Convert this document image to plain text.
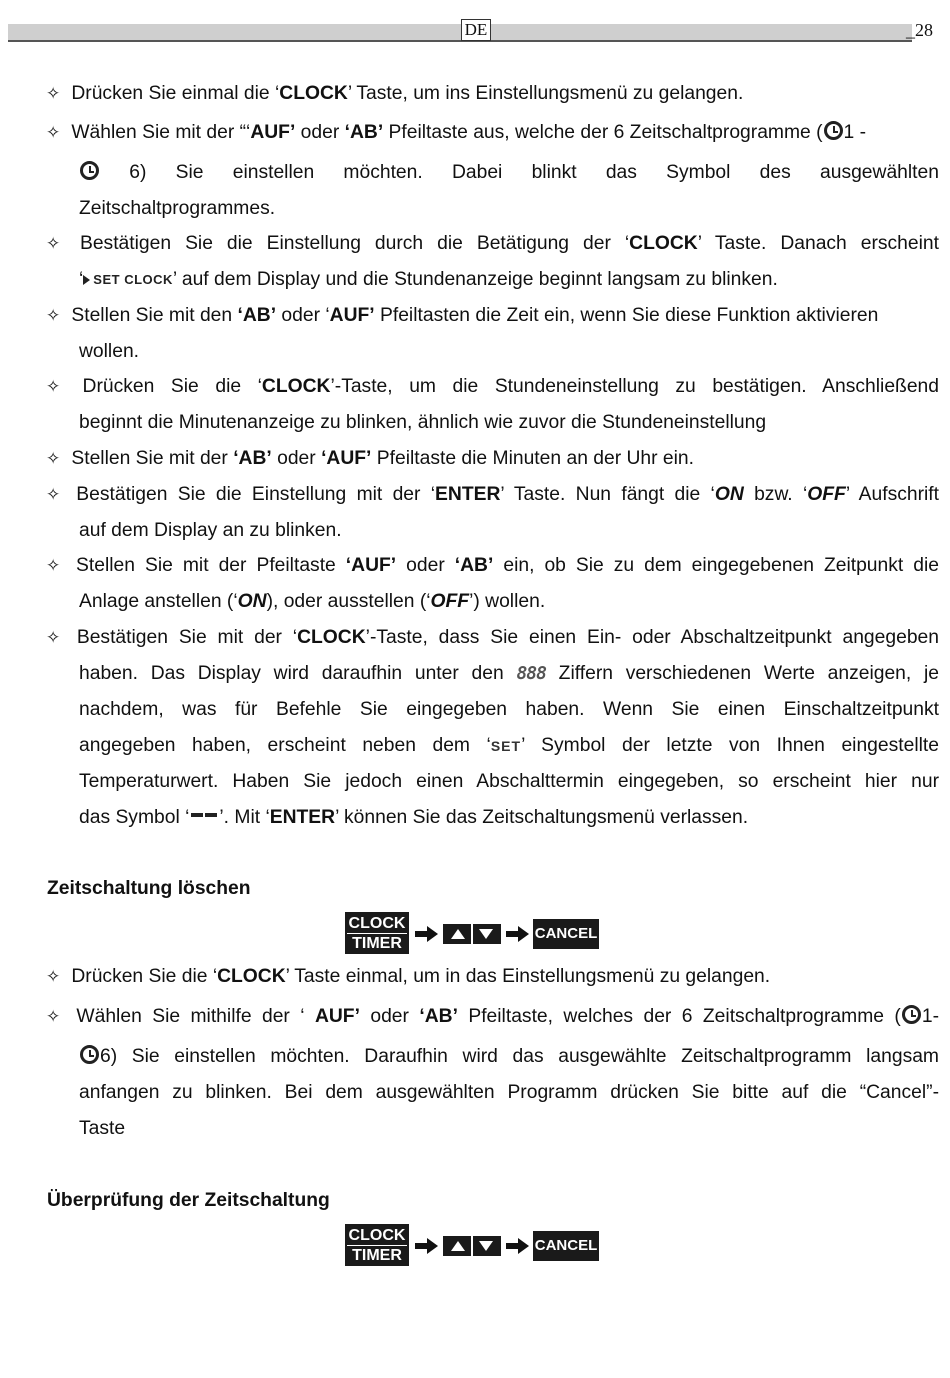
DE	_28
✧ Drücken Sie einmal die ‘CLOCK’ Taste, um ins Einstellungsmenü zu gelangen.
✧ Wählen Sie mit der “‘AUF’ oder ‘AB’ Pfeiltaste aus, welche der 6 Zeitschaltprogramme ( 1 -
6) Sie einstellen möchten. Dabei blinkt das Symbol des ausgewählten
Zeitschaltprogrammes.
✧ Bestätigen Sie die Einstellung durch die Betätigung der ‘CLOCK’ Taste. Danach erscheint
‘ SET CLOCK’ auf dem Display und die Stundenanzeige beginnt langsam zu blinken.
✧ Stellen Sie mit den ‘AB’ oder ‘AUF’ Pfeiltasten die Zeit ein, wenn Sie diese Funktion aktivieren
wollen.
✧ Drücken Sie die ‘CLOCK’-Taste, um die Stundeneinstellung zu bestätigen. Anschließend
beginnt die Minutenanzeige zu blinken, ähnlich wie zuvor die Stundeneinstellung
✧ Stellen Sie mit der ‘AB’ oder ‘AUF’ Pfeiltaste die Minuten an der Uhr ein.
✧ Bestätigen Sie die Einstellung mit der ‘ENTER’ Taste. Nun fängt die ‘ON bzw. ‘OFF’ Aufschrift
auf dem Display an zu blinken.
✧ Stellen Sie mit der Pfeiltaste ‘AUF’ oder ‘AB’ ein, ob Sie zu dem eingegebenen Zeitpunkt die
Anlage anstellen (‘ON), oder ausstellen (‘OFF’) wollen.
✧ Bestätigen Sie mit der ‘CLOCK’-Taste, dass Sie einen Ein- oder Abschaltzeitpunkt angegeben
haben. Das Display wird daraufhin unter den 888 Ziffern verschiedenen Werte anzeigen, je
nachdem, was für Befehle Sie eingegeben haben. Wenn Sie einen Einschaltzeitpunkt
angegeben haben, erscheint neben dem ‘SET’ Symbol der letzte von Ihnen eingestellte
Temperaturwert. Haben Sie jedoch einen Abschalttermin eingegeben, so erscheint hier nur
das Symbol ‘ ’. Mit ‘ENTER’ können Sie das Zeitschaltungsmenü verlassen.
Zeitschaltung löschen
CLOCK
TIMER
CANCEL
✧ Drücken Sie die ‘CLOCK’ Taste einmal, um in das Einstellungsmenü zu gelangen.
✧ Wählen Sie mithilfe der ‘ AUF’ oder ‘AB’ Pfeiltaste, welches der 6 Zeitschaltprogramme ( 1-
6) Sie einstellen möchten. Daraufhin wird das ausgewählte Zeitschaltprogramm langsam
anfangen zu blinken. Bei dem ausgewählten Programm drücken Sie bitte auf die “Cancel”-
Taste
Überprüfung der Zeitschaltung
CLOCK
TIMER
CANCEL
